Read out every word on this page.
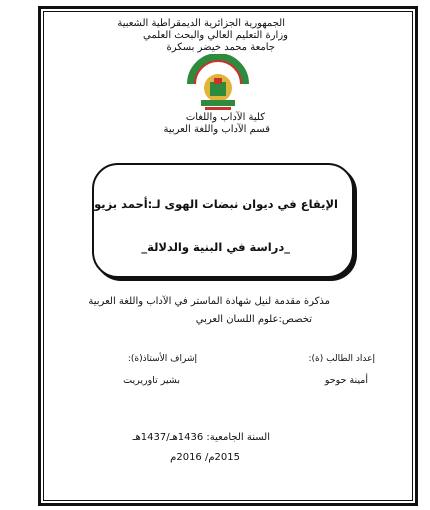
الجمهورية الجزائرية الديمقراطية الشعبية
وزارة التعليم العالي والبحث العلمي
جامعة محمد خيضر بسكرة
كلية الآداب واللغات
قسم الآداب واللغة العربية
الإيقاع في ديوان نبضات الهوى لـ:أحمد بزيو
_دراسة في البنية والدلالة_
مذكرة مقدمة لنيل شهادة الماستر في الآداب واللغة العربية
تخصص:علوم اللسان العربي
إشراف الأستاذ(ة):	إعداد الطالب (ة):
بشير تاوريريت	أمينة حوحو
السنة الجامعية: 1436هـ/1437هـ
2015م/ 2016م
